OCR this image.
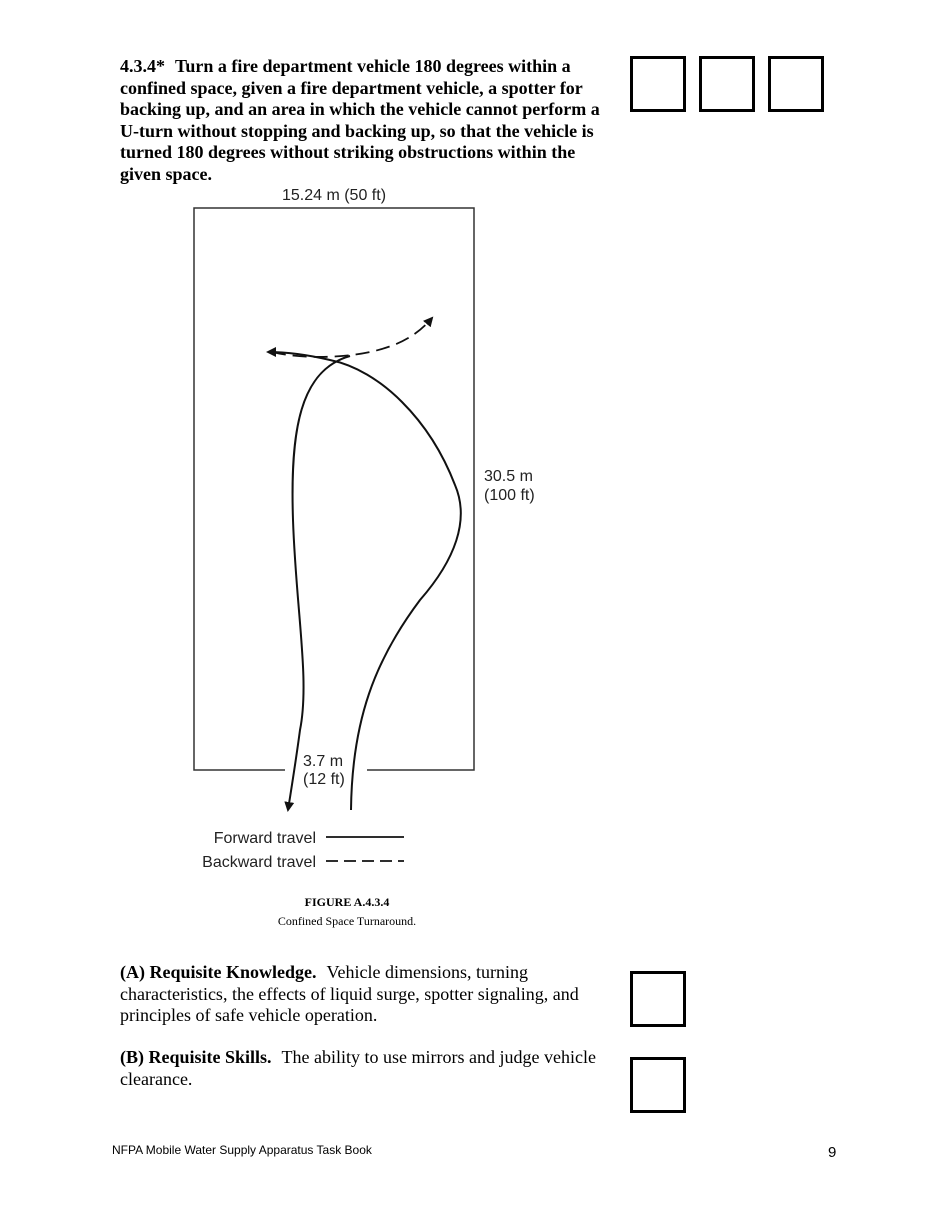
4.3.4* Turn a fire department vehicle 180 degrees within a confined space, given a fire department vehicle, a spotter for backing up, and an area in which the vehicle cannot perform a U-turn without stopping and backing up, so that the vehicle is turned 180 degrees without striking obstructions within the given space.
15.24 m (50 ft)
30.5 m
(100 ft)
3.7 m
(12 ft)
Forward travel
Backward travel
FIGURE A.4.3.4
Confined Space Turnaround.
(A) Requisite Knowledge. Vehicle dimensions, turning characteristics, the effects of liquid surge, spotter signaling, and principles of safe vehicle operation.
(B) Requisite Skills. The ability to use mirrors and judge vehicle clearance.
NFPA Mobile Water Supply Apparatus Task Book	9
